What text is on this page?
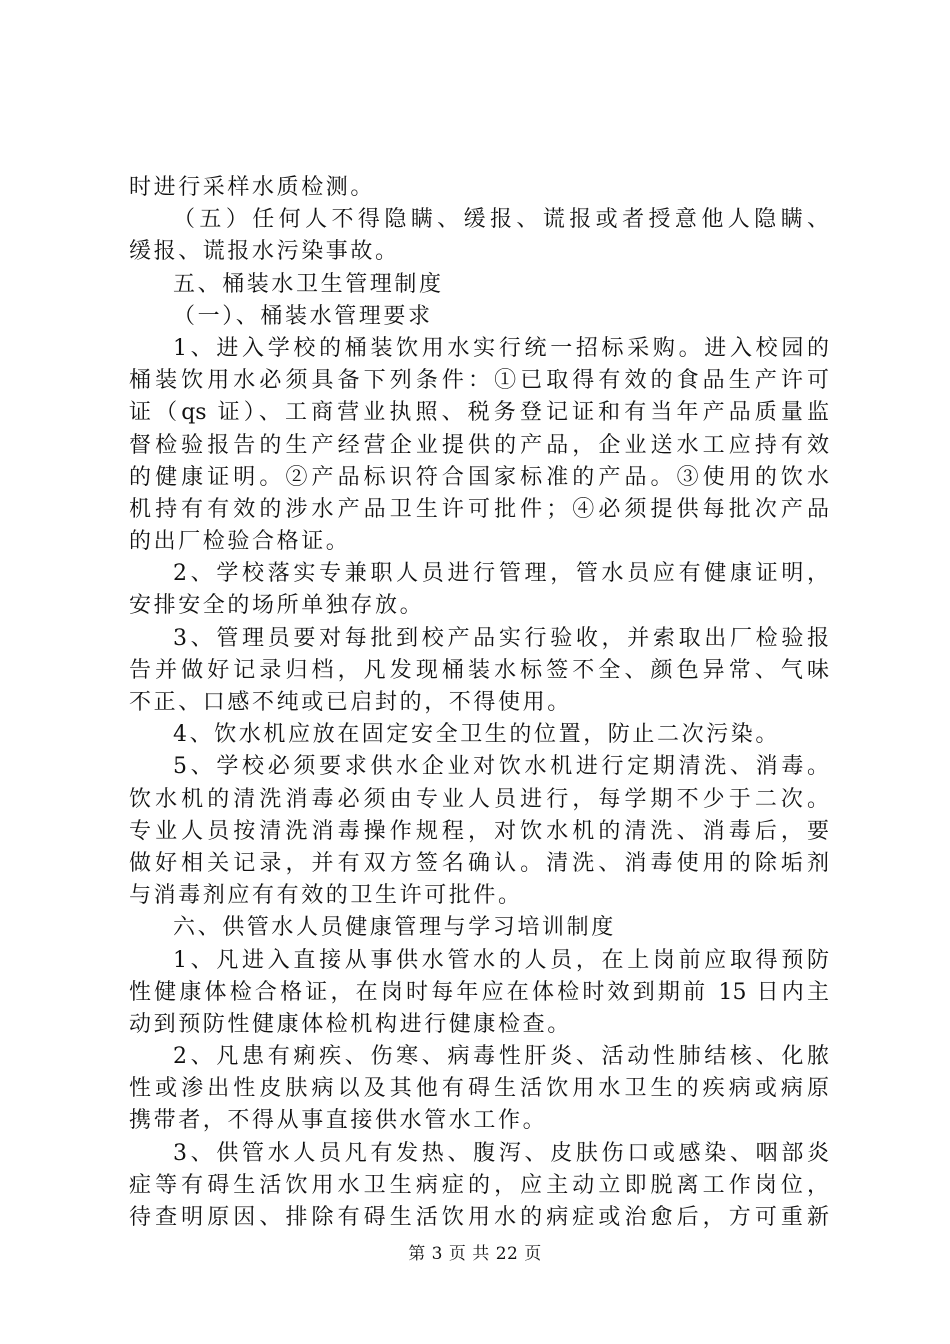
时进行采样水质检测。
（五）任何人不得隐瞒、缓报、谎报或者授意他人隐瞒、
缓报、谎报水污染事故。
五、桶装水卫生管理制度
（一）、桶装水管理要求
1、进入学校的桶装饮用水实行统一招标采购。进入校园的
桶装饮用水必须具备下列条件：①已取得有效的食品生产许可
证（qs 证）、工商营业执照、税务登记证和有当年产品质量监
督检验报告的生产经营企业提供的产品，企业送水工应持有效
的健康证明。②产品标识符合国家标准的产品。③使用的饮水
机持有有效的涉水产品卫生许可批件；④必须提供每批次产品
的出厂检验合格证。
2、学校落实专兼职人员进行管理，管水员应有健康证明，
安排安全的场所单独存放。
3、管理员要对每批到校产品实行验收，并索取出厂检验报
告并做好记录归档，凡发现桶装水标签不全、颜色异常、气味
不正、口感不纯或已启封的，不得使用。
4、饮水机应放在固定安全卫生的位置，防止二次污染。
5、学校必须要求供水企业对饮水机进行定期清洗、消毒。
饮水机的清洗消毒必须由专业人员进行，每学期不少于二次。
专业人员按清洗消毒操作规程，对饮水机的清洗、消毒后，要
做好相关记录，并有双方签名确认。清洗、消毒使用的除垢剂
与消毒剂应有有效的卫生许可批件。
六、供管水人员健康管理与学习培训制度
1、凡进入直接从事供水管水的人员，在上岗前应取得预防
性健康体检合格证，在岗时每年应在体检时效到期前 15 日内主
动到预防性健康体检机构进行健康检查。
2、凡患有痢疾、伤寒、病毒性肝炎、活动性肺结核、化脓
性或渗出性皮肤病以及其他有碍生活饮用水卫生的疾病或病原
携带者，不得从事直接供水管水工作。
3、供管水人员凡有发热、腹泻、皮肤伤口或感染、咽部炎
症等有碍生活饮用水卫生病症的，应主动立即脱离工作岗位，
待查明原因、排除有碍生活饮用水的病症或治愈后，方可重新
第 3 页 共 22 页
